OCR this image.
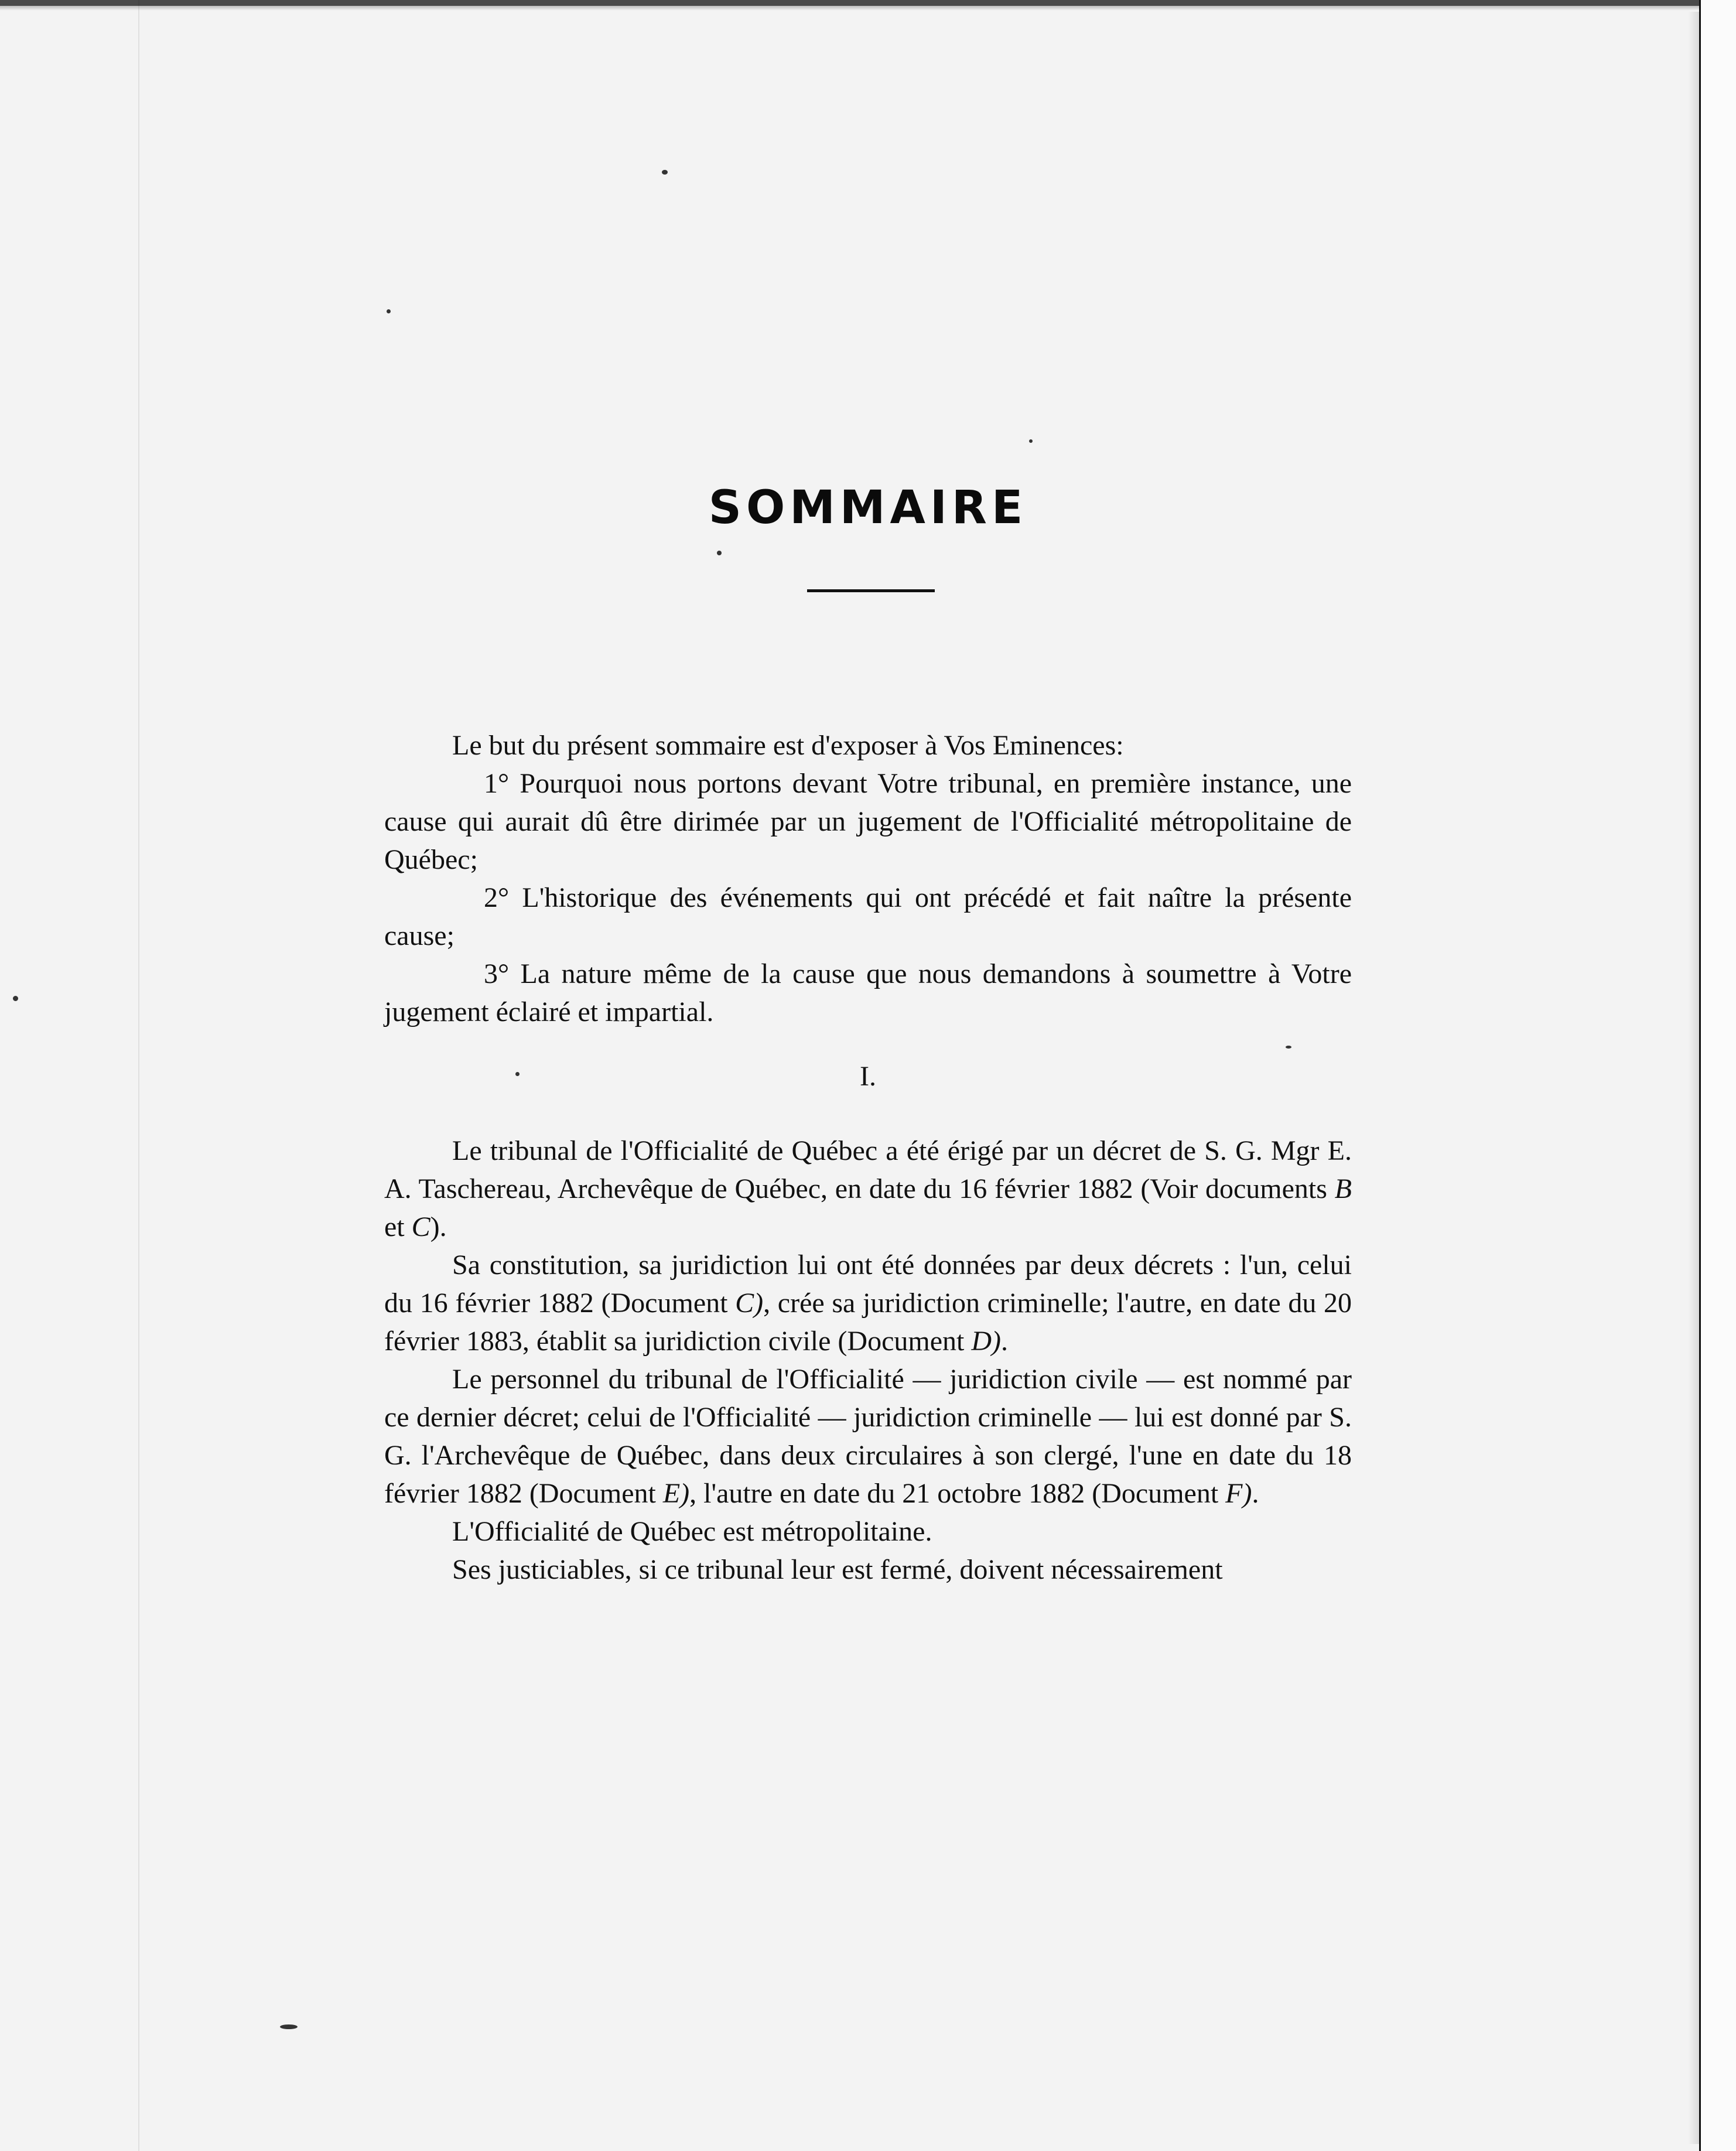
SOMMAIRE

Le but du présent sommaire est d'exposer à Vos Eminences:

1° Pourquoi nous portons devant Votre tribunal, en première instance, une cause qui aurait dû être dirimée par un jugement de l'Officialité métropolitaine de Québec;

2° L'historique des événements qui ont précédé et fait naître la présente cause;

3° La nature même de la cause que nous demandons à soumettre à Votre jugement éclairé et impartial.

I.

Le tribunal de l'Officialité de Québec a été érigé par un décret de S. G. Mgr E. A. Taschereau, Archevêque de Québec, en date du 16 février 1882 (Voir documents B et C).

Sa constitution, sa juridiction lui ont été données par deux décrets : l'un, celui du 16 février 1882 (Document C), crée sa juridiction criminelle; l'autre, en date du 20 février 1883, établit sa juridiction civile (Document D).

Le personnel du tribunal de l'Officialité — juridiction civile — est nommé par ce dernier décret; celui de l'Officialité — juridiction criminelle — lui est donné par S. G. l'Archevêque de Québec, dans deux circulaires à son clergé, l'une en date du 18 février 1882 (Document E), l'autre en date du 21 octobre 1882 (Document F).

L'Officialité de Québec est métropolitaine.

Ses justiciables, si ce tribunal leur est fermé, doivent nécessairement
